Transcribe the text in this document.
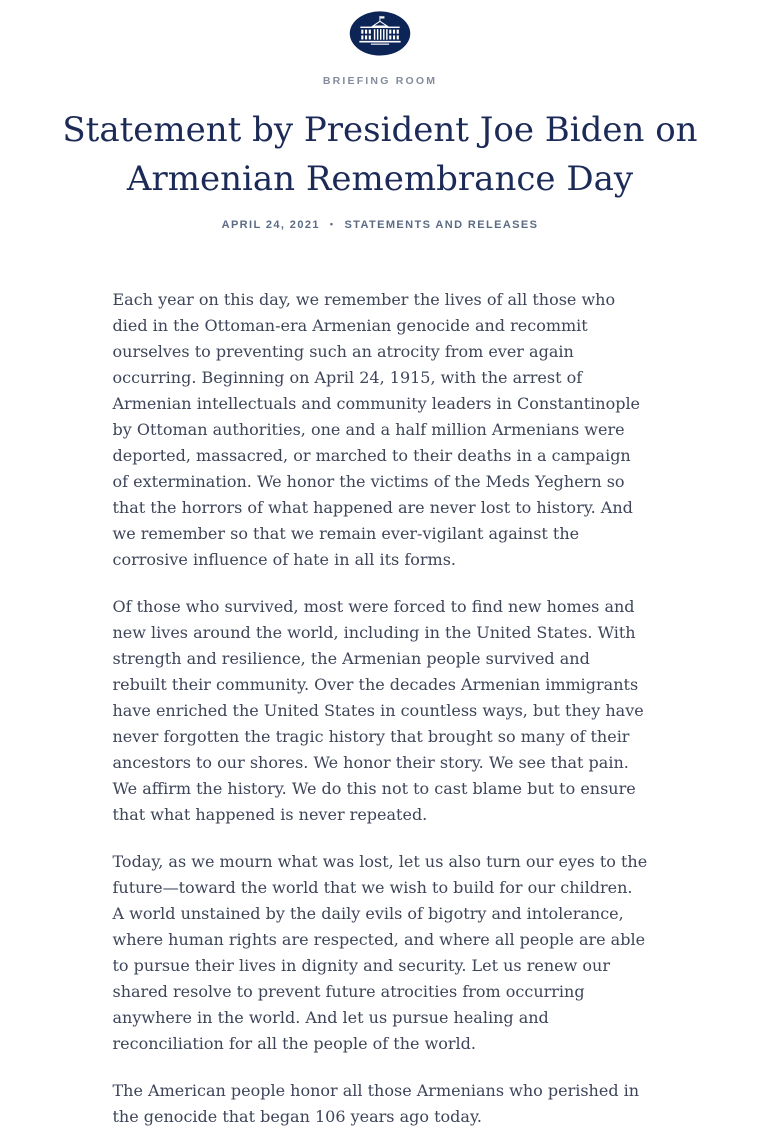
BRIEFING ROOM
Statement by President Joe Biden on
Armenian Remembrance Day
APRIL 24, 2021 • STATEMENTS AND RELEASES

Each year on this day, we remember the lives of all those who died in the Ottoman-era Armenian genocide and recommit ourselves to preventing such an atrocity from ever again occurring. Beginning on April 24, 1915, with the arrest of Armenian intellectuals and community leaders in Constantinople by Ottoman authorities, one and a half million Armenians were deported, massacred, or marched to their deaths in a campaign of extermination. We honor the victims of the Meds Yeghern so that the horrors of what happened are never lost to history. And we remember so that we remain ever-vigilant against the corrosive influence of hate in all its forms.

Of those who survived, most were forced to find new homes and new lives around the world, including in the United States. With strength and resilience, the Armenian people survived and rebuilt their community. Over the decades Armenian immigrants have enriched the United States in countless ways, but they have never forgotten the tragic history that brought so many of their ancestors to our shores. We honor their story. We see that pain. We affirm the history. We do this not to cast blame but to ensure that what happened is never repeated.

Today, as we mourn what was lost, let us also turn our eyes to the future—toward the world that we wish to build for our children. A world unstained by the daily evils of bigotry and intolerance, where human rights are respected, and where all people are able to pursue their lives in dignity and security. Let us renew our shared resolve to prevent future atrocities from occurring anywhere in the world. And let us pursue healing and reconciliation for all the people of the world.

The American people honor all those Armenians who perished in the genocide that began 106 years ago today.
